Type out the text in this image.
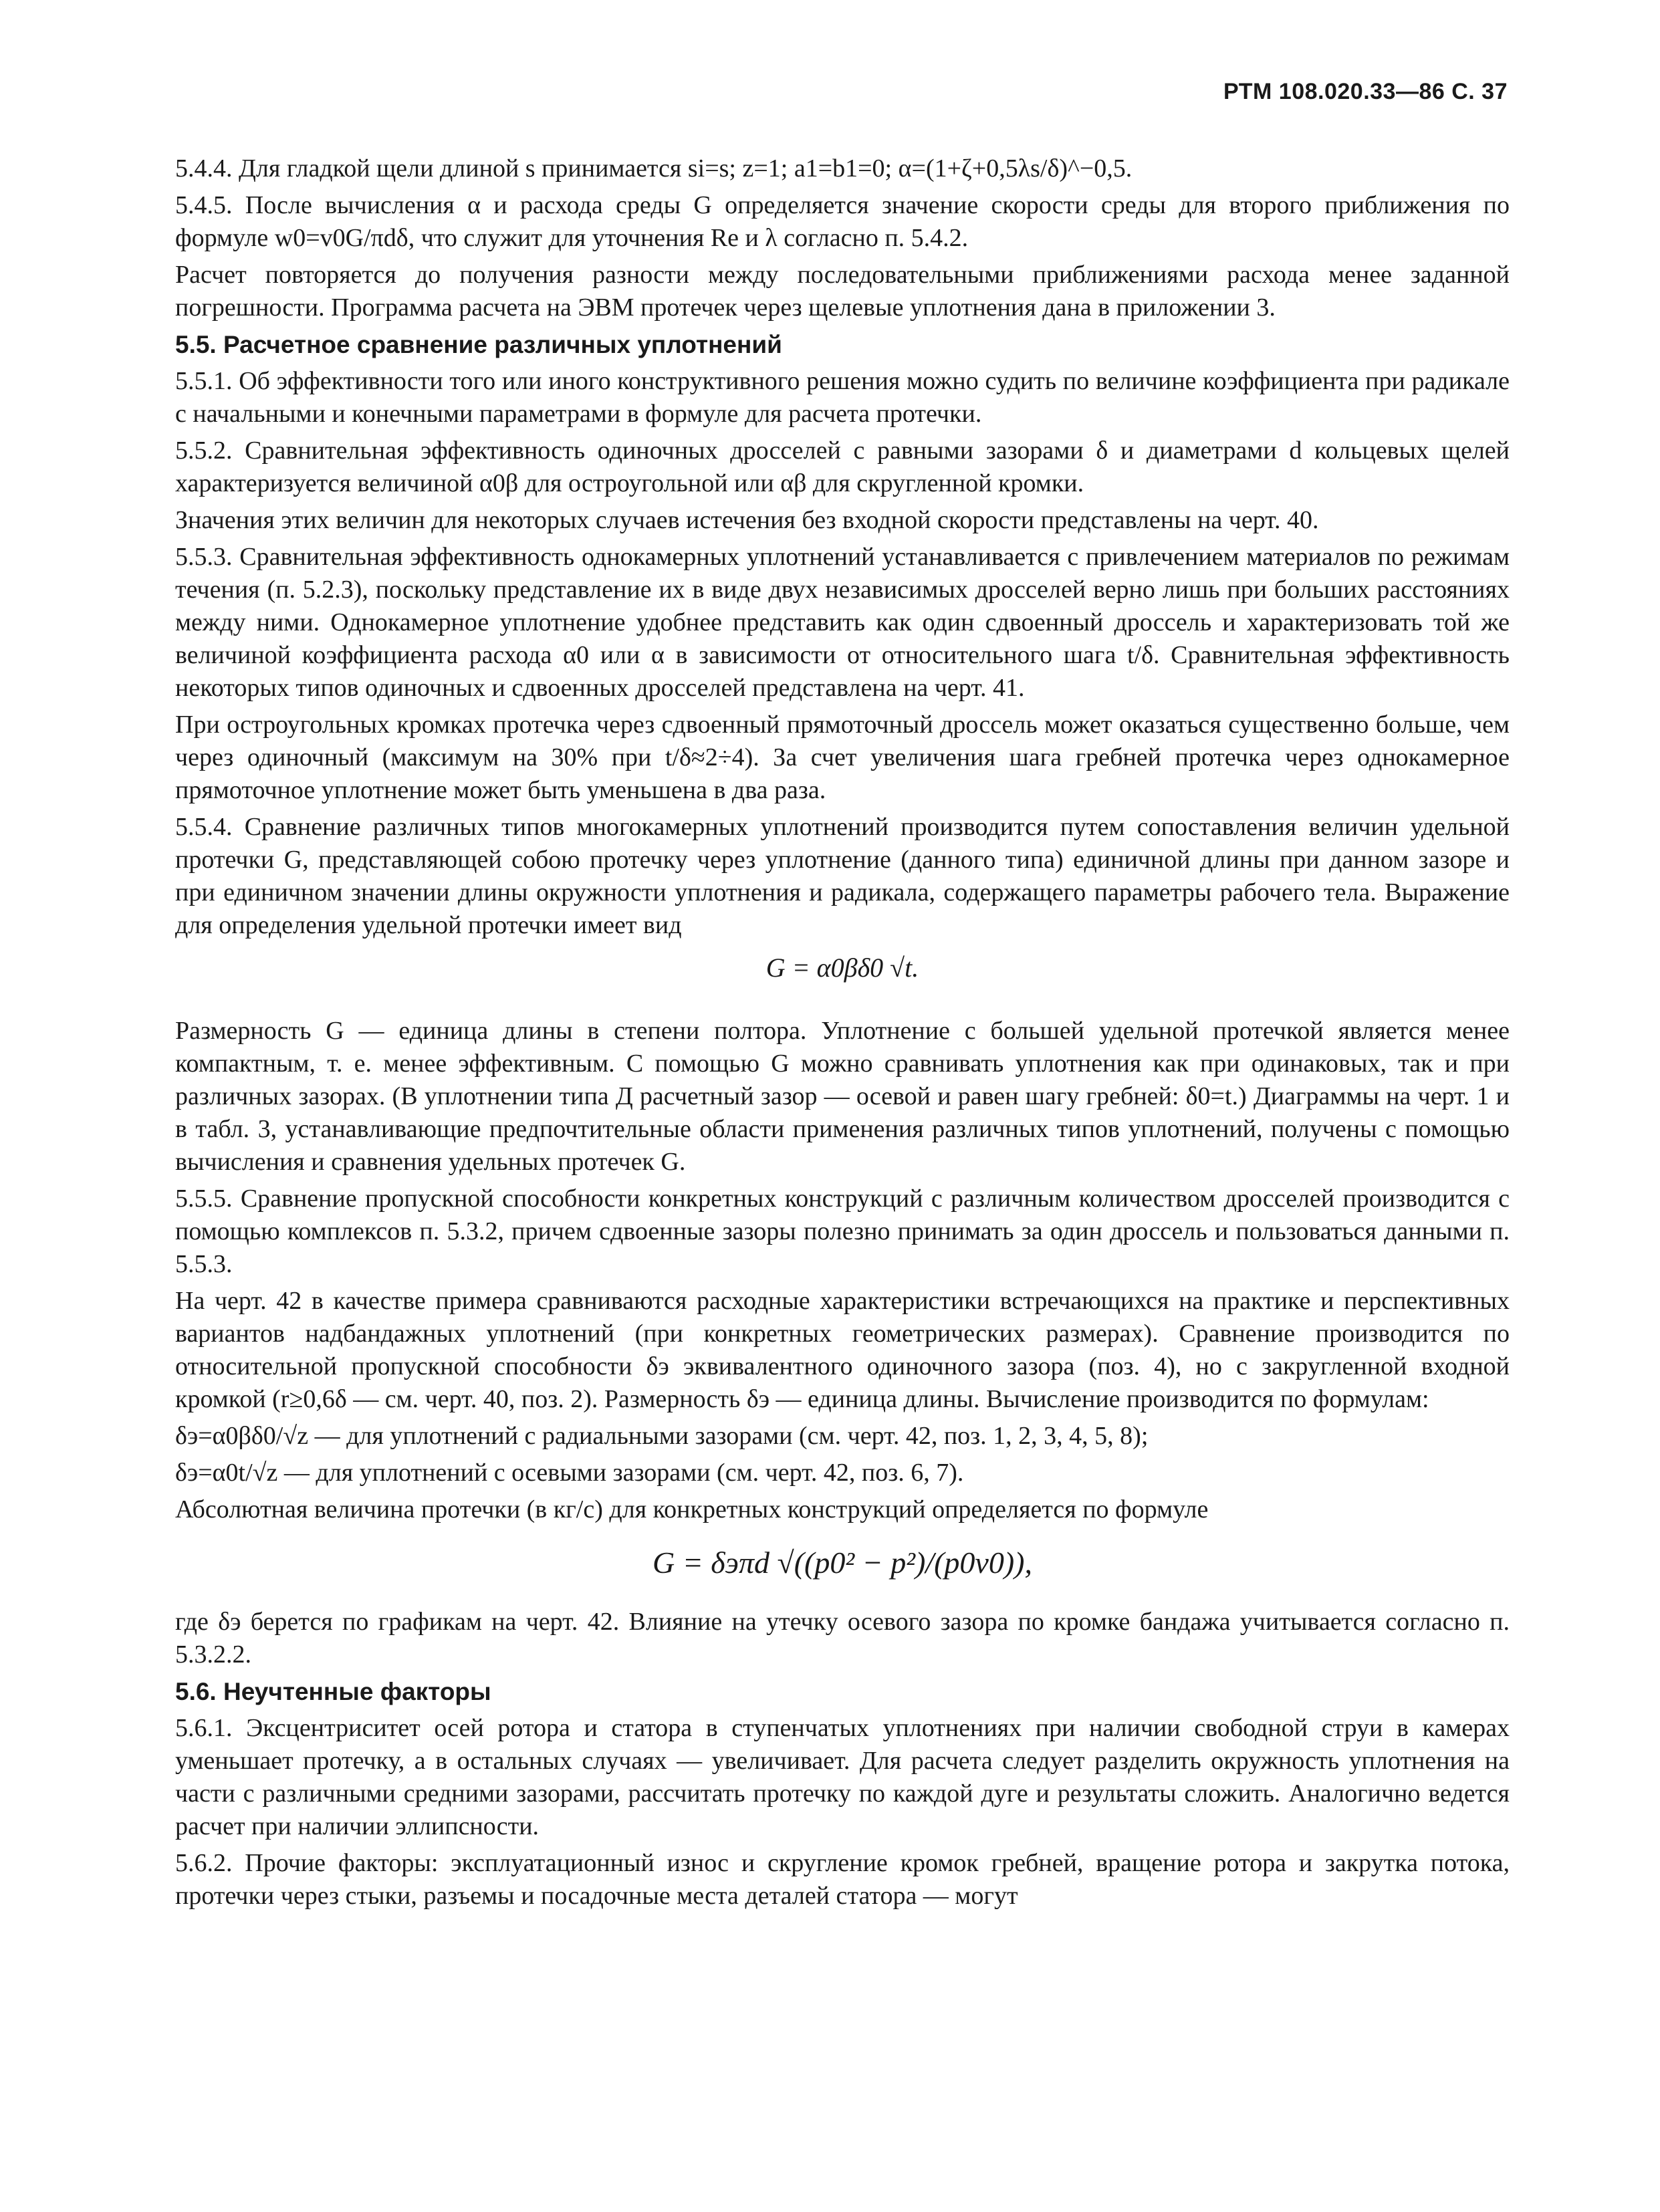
РТМ 108.020.33—86 С. 37

5.4.4. Для гладкой щели длиной s принимается si=s; z=1; a1=b1=0; α=(1+ζ+0,5λs/δ)^−0,5.

5.4.5. После вычисления α и расхода среды G определяется значение скорости среды для второго приближения по формуле w0=v0G/πdδ, что служит для уточнения Re и λ согласно п. 5.4.2.

Расчет повторяется до получения разности между последовательными приближениями расхода менее заданной погрешности. Программа расчета на ЭВМ протечек через щелевые уплотнения дана в приложении 3.

5.5. Расчетное сравнение различных уплотнений

5.5.1. Об эффективности того или иного конструктивного решения можно судить по величине коэффициента при радикале с начальными и конечными параметрами в формуле для расчета протечки.

5.5.2. Сравнительная эффективность одиночных дросселей с равными зазорами δ и диаметрами d кольцевых щелей характеризуется величиной α0β для остроугольной или αβ для скругленной кромки.

Значения этих величин для некоторых случаев истечения без входной скорости представлены на черт. 40.

5.5.3. Сравнительная эффективность однокамерных уплотнений устанавливается с привлечением материалов по режимам течения (п. 5.2.3), поскольку представление их в виде двух независимых дросселей верно лишь при больших расстояниях между ними. Однокамерное уплотнение удобнее представить как один сдвоенный дроссель и характеризовать той же величиной коэффициента расхода α0 или α в зависимости от относительного шага t/δ. Сравнительная эффективность некоторых типов одиночных и сдвоенных дросселей представлена на черт. 41.

При остроугольных кромках протечка через сдвоенный прямоточный дроссель может оказаться существенно больше, чем через одиночный (максимум на 30% при t/δ≈2÷4). За счет увеличения шага гребней протечка через однокамерное прямоточное уплотнение может быть уменьшена в два раза.

5.5.4. Сравнение различных типов многокамерных уплотнений производится путем сопоставления величин удельной протечки G, представляющей собою протечку через уплотнение (данного типа) единичной длины при данном зазоре и при единичном значении длины окружности уплотнения и радикала, содержащего параметры рабочего тела. Выражение для определения удельной протечки имеет вид

G = α0βδ0 √t.

Размерность G — единица длины в степени полтора. Уплотнение с большей удельной протечкой является менее компактным, т. е. менее эффективным. С помощью G можно сравнивать уплотнения как при одинаковых, так и при различных зазорах. (В уплотнении типа Д расчетный зазор — осевой и равен шагу гребней: δ0=t.) Диаграммы на черт. 1 и в табл. 3, устанавливающие предпочтительные области применения различных типов уплотнений, получены с помощью вычисления и сравнения удельных протечек G.

5.5.5. Сравнение пропускной способности конкретных конструкций с различным количеством дросселей производится с помощью комплексов п. 5.3.2, причем сдвоенные зазоры полезно принимать за один дроссель и пользоваться данными п. 5.5.3.

На черт. 42 в качестве примера сравниваются расходные характеристики встречающихся на практике и перспективных вариантов надбандажных уплотнений (при конкретных геометрических размерах). Сравнение производится по относительной пропускной способности δэ эквивалентного одиночного зазора (поз. 4), но с закругленной входной кромкой (r≥0,6δ — см. черт. 40, поз. 2). Размерность δэ — единица длины. Вычисление производится по формулам:

δэ=α0βδ0/√z — для уплотнений с радиальными зазорами (см. черт. 42, поз. 1, 2, 3, 4, 5, 8);

δэ=α0t/√z — для уплотнений с осевыми зазорами (см. черт. 42, поз. 6, 7).

Абсолютная величина протечки (в кг/с) для конкретных конструкций определяется по формуле

G = δэπd √((p0² − p²)/(p0v0)),

где δэ берется по графикам на черт. 42. Влияние на утечку осевого зазора по кромке бандажа учитывается согласно п. 5.3.2.2.

5.6. Неучтенные факторы

5.6.1. Эксцентриситет осей ротора и статора в ступенчатых уплотнениях при наличии свободной струи в камерах уменьшает протечку, а в остальных случаях — увеличивает. Для расчета следует разделить окружность уплотнения на части с различными средними зазорами, рассчитать протечку по каждой дуге и результаты сложить. Аналогично ведется расчет при наличии эллипсности.

5.6.2. Прочие факторы: эксплуатационный износ и скругление кромок гребней, вращение ротора и закрутка потока, протечки через стыки, разъемы и посадочные места деталей статора — могут
